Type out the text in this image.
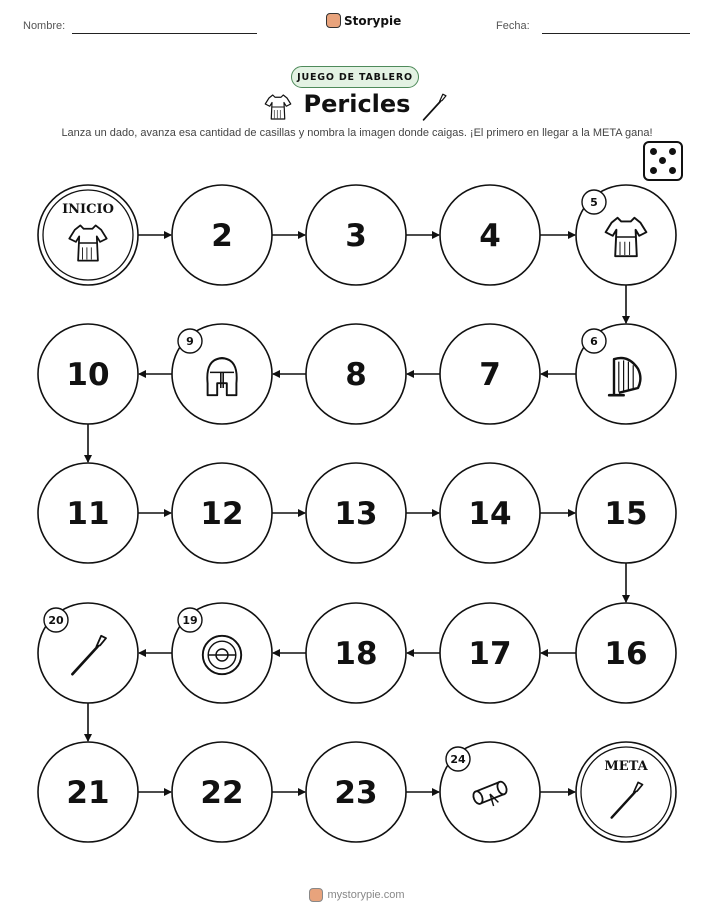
Nombre:	Storypie	Fecha:
JUEGO DE TABLERO
Pericles
Lanza un dado, avanza esa cantidad de casillas y nombra la imagen donde caigas. ¡El primero en llegar a la META gana!
INICIO
2	3	4
5
6
7
8
9
10
11	12	13	14	15
16
17
18
19
20
21	22	23
24	META
mystorypie.com
